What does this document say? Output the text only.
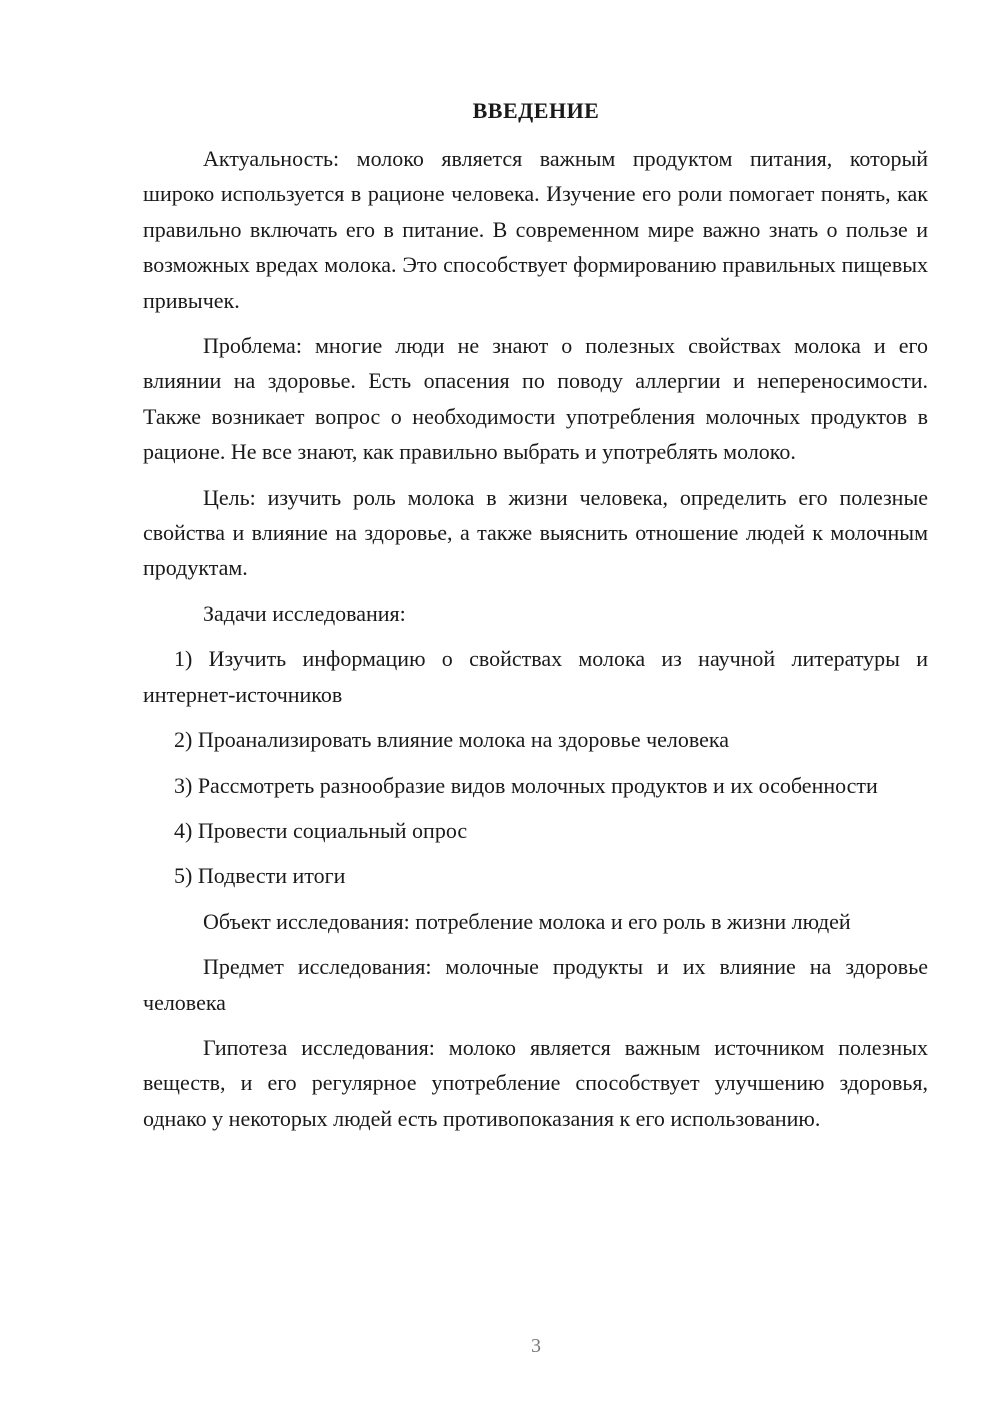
ВВЕДЕНИЕ

Актуальность: молоко является важным продуктом питания, который широко используется в рационе человека. Изучение его роли помогает понять, как правильно включать его в питание. В современном мире важно знать о пользе и возможных вредах молока. Это способствует формированию правильных пищевых привычек.

Проблема: многие люди не знают о полезных свойствах молока и его влиянии на здоровье. Есть опасения по поводу аллергии и непереносимости. Также возникает вопрос о необходимости употребления молочных продуктов в рационе. Не все знают, как правильно выбрать и употреблять молоко.

Цель: изучить роль молока в жизни человека, определить его полезные свойства и влияние на здоровье, а также выяснить отношение людей к молочным продуктам.

Задачи исследования:

1) Изучить информацию о свойствах молока из научной литературы и интернет-источников

2) Проанализировать влияние молока на здоровье человека

3) Рассмотреть разнообразие видов молочных продуктов и их особенности

4) Провести социальный опрос

5) Подвести итоги

Объект исследования: потребление молока и его роль в жизни людей

Предмет исследования: молочные продукты и их влияние на здоровье человека

Гипотеза исследования: молоко является важным источником полезных веществ, и его регулярное употребление способствует улучшению здоровья, однако у некоторых людей есть противопоказания к его использованию.

3
